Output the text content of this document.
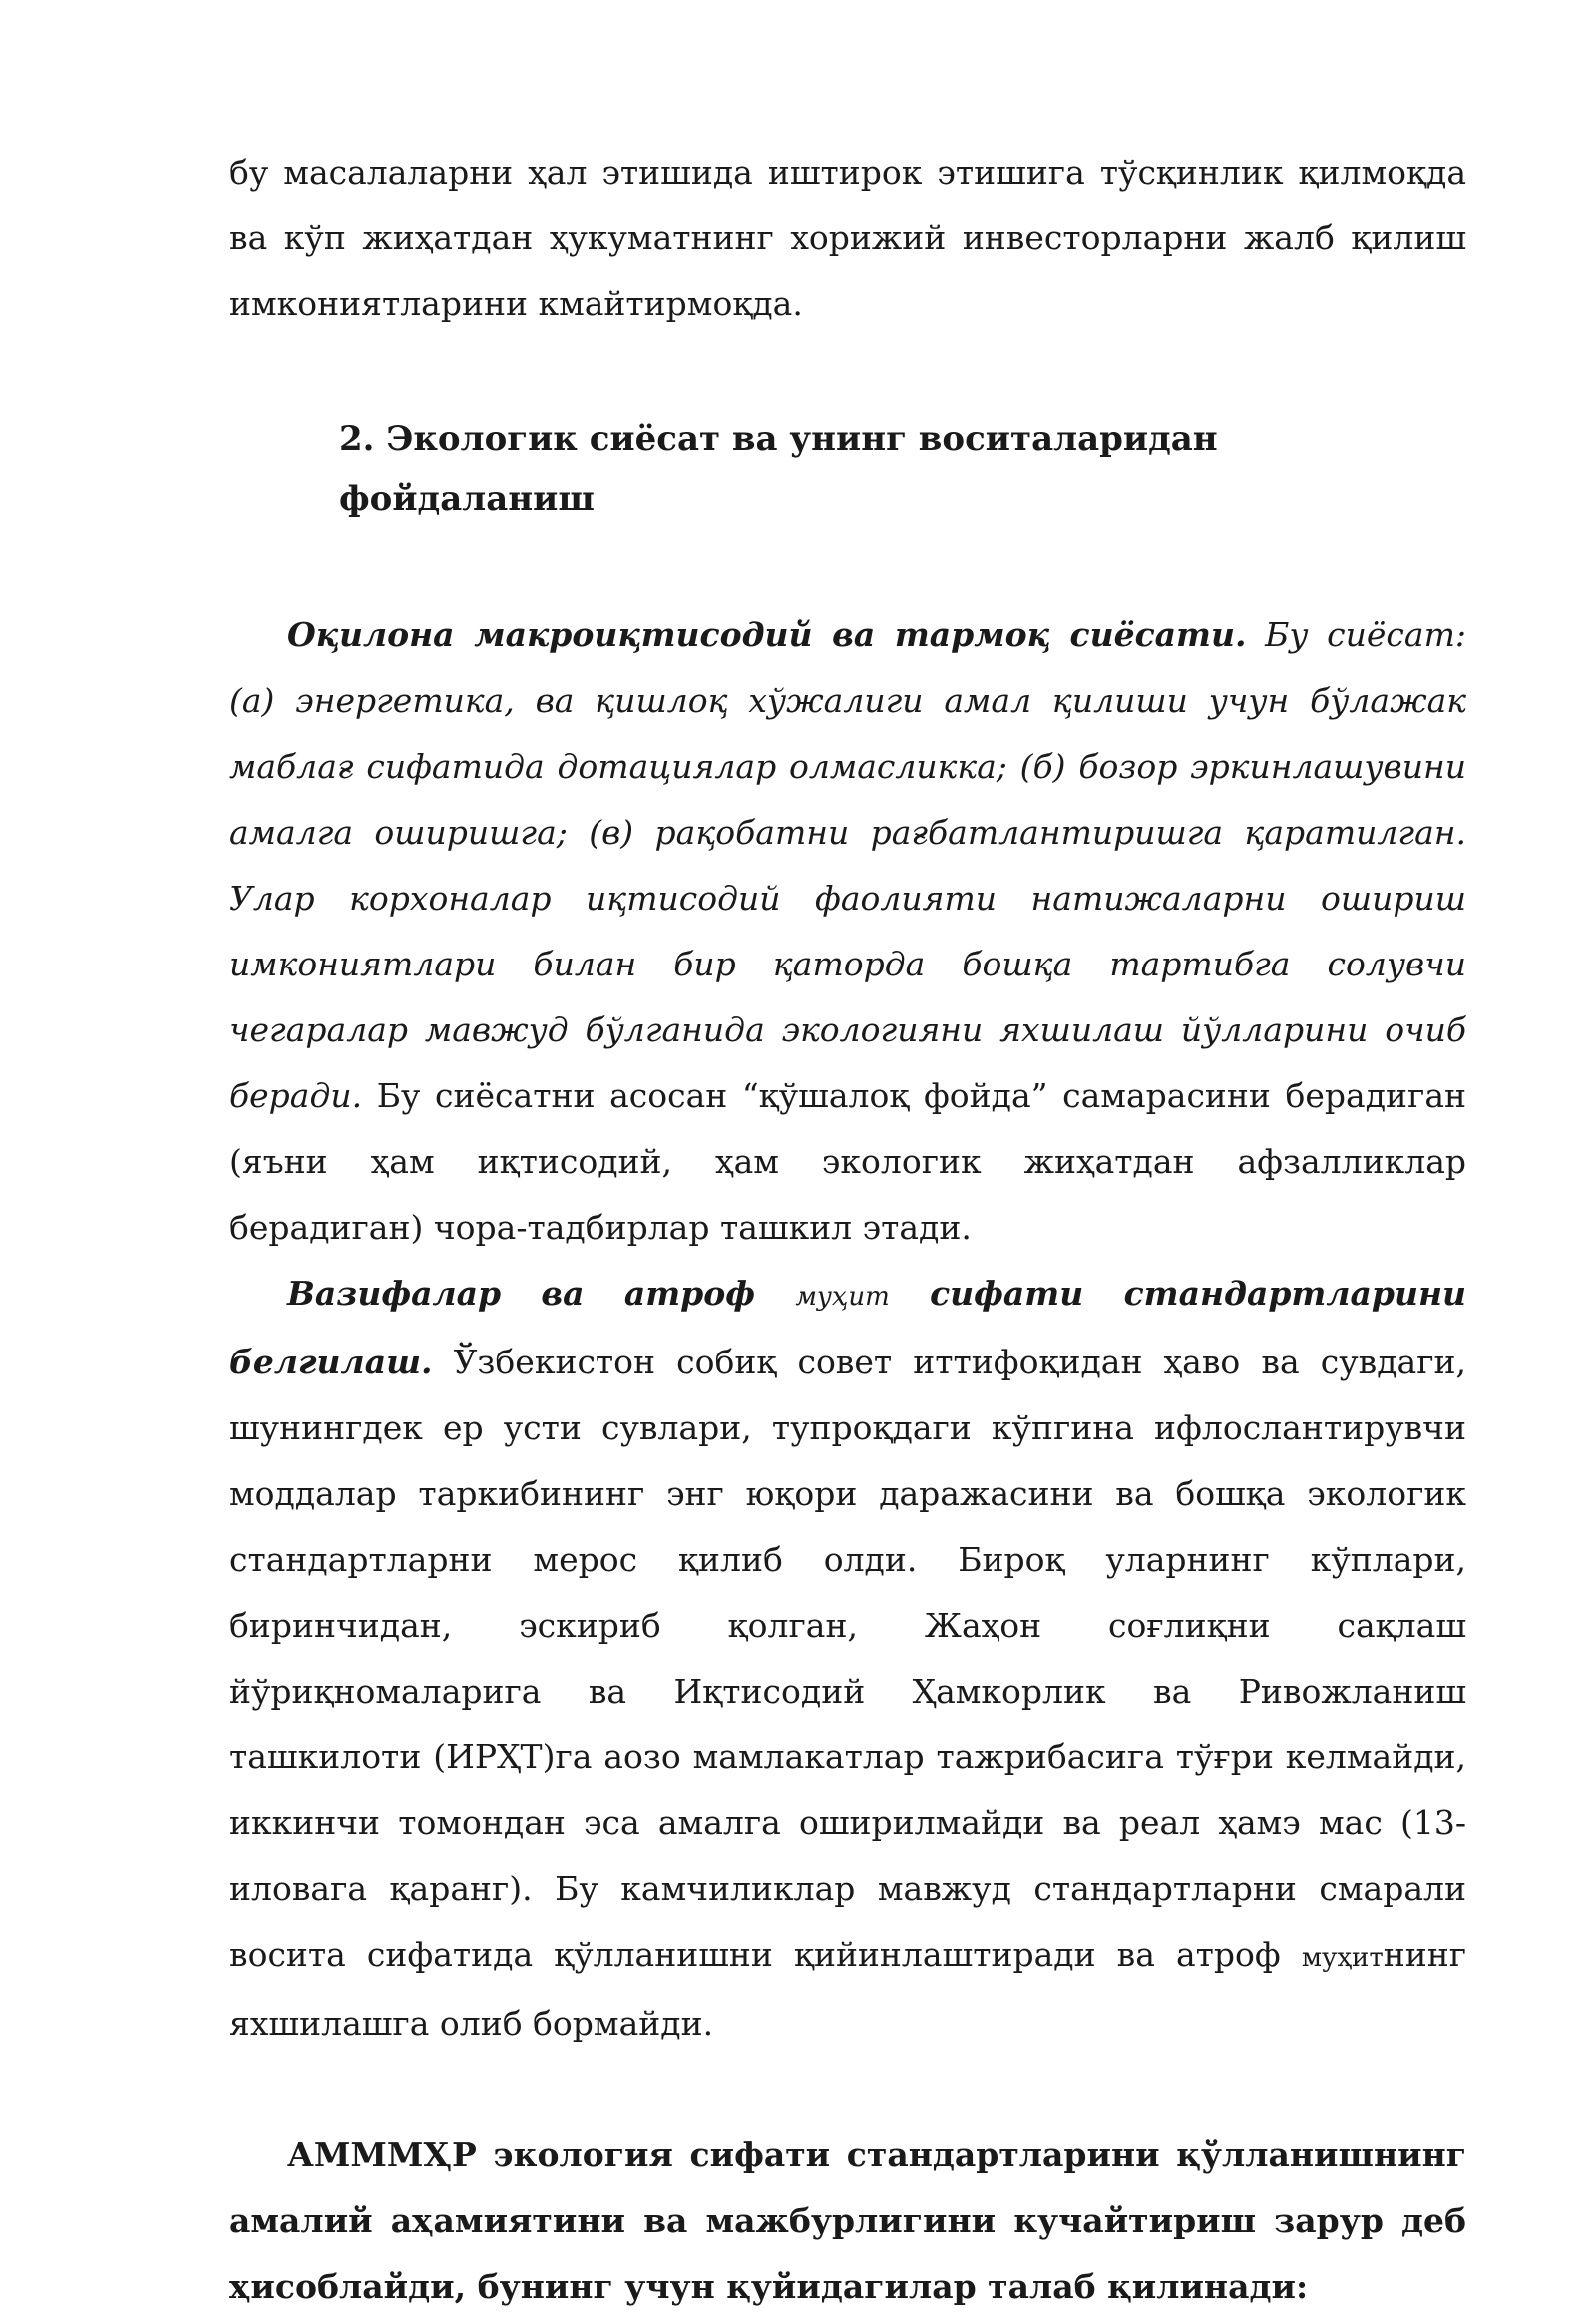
бу масалаларни ҳал этишида иштирок этишига тўсқинлик қилмоқда ва кўп жиҳатдан ҳукуматнинг хорижий инвесторларни жалб қилиш имкониятларини кмайтирмоқда.

2. Экологик сиёсат ва унинг воситаларидан фойдаланиш

Оқилона макроиқтисодий ва тармоқ сиёсати. Бу сиёсат: (а) энергетика, ва қишлоқ хўжалиги амал қилиши учун бўлажак маблағ сифатида дотациялар олмасликка; (б) бозор эркинлашувини амалга оширишга; (в) рақобатни рағбатлантиришга қаратилган. Улар корхоналар иқтисодий фаолияти натижаларни ошириш имкониятлари билан бир қаторда бошқа тартибга солувчи чегаралар мавжуд бўлганида экологияни яхшилаш йўлларини очиб беради. Бу сиёсатни асосан “қўшалоқ фойда” самарасини берадиган (яъни ҳам иқтисодий, ҳам экологик жиҳатдан афзалликлар берадиган) чора-тадбирлар ташкил этади.

Вазифалар ва атроф муҳит сифати стандартларини белгилаш. Ўзбекистон собиқ совет иттифоқидан ҳаво ва сувдаги, шунингдек ер усти сувлари, тупроқдаги кўпгина ифлослантирувчи моддалар таркибининг энг юқори даражасини ва бошқа экологик стандартларни мерос қилиб олди. Бироқ уларнинг кўплари, биринчидан, эскириб қолган, Жаҳон соғлиқни сақлаш йўриқномаларига ва Иқтисодий Ҳамкорлик ва Ривожланиш ташкилоти (ИРҲТ)га аозо мамлакатлар тажрибасига тўғри келмайди, иккинчи томондан эса амалга оширилмайди ва реал ҳамэ мас (13-иловага қаранг). Бу камчиликлар мавжуд стандартларни смарали восита сифатида қўлланишни қийинлаштиради ва атроф муҳитнинг яхшилашга олиб бормайди.

АММMҲР экология сифати стандартларини қўлланишнинг амалий аҳамиятини ва мажбурлигини кучайтириш зарур деб ҳисоблайди, бунинг учун қуйидагилар талаб қилинади:
